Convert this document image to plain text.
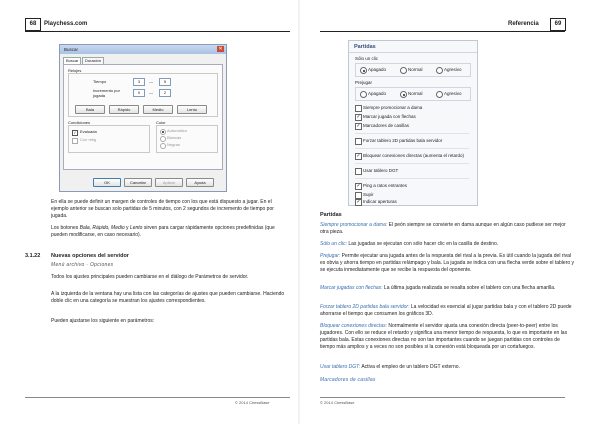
68	Playchess.com
Buscar	✕
Buscar	Duración
Relojes
Tiempo	3	—	5
Incremento por jugada
0	—	2
Bala	Rápido	Medio	Lento
Condiciones
✓ Evaluada
Con retig
Color
Automático
Blancas
Negras
OK	Cancelar	Aplicar	Ayuda
En ella se puede definir un margen de controles de tiempo con los que está dispuesto a jugar. En el ejemplo anterior se buscan solo partidas de 5 minutos, con 2 segundos de incremento de tiempo por jugada.
Los botones Bala, Rápido, Medio y Lento sirven para cargar rápidamente opciones predefinidas (que pueden modificarse, en caso necesario).
3.1.22 Nuevas opciones del servidor
Menú archivo · Opciones
Todos los ajustes principales pueden cambiarse en el diálogo de Parámetros de servidor.
A la izquierda de la ventana hay una lista con las categorías de ajustes que pueden cambiarse. Haciendo doble clic en una categoría se muestran los ajustes correspondientes.
Pueden ajustarse los siguiente en parámetros:
© 2014 ChessBase
Referencia	69
Partidas
Sólo un clic
Apagado	Normal	Agresivo
Prejugar
Apagado	Normal	Agresivo
Siempre promocionar a dama
✓ Marcar jugada con flechas
✓ Marcadores de casillas
Forzar tablero 2D partidas bala servidor
✓ Bloquear conexiones directas (aumenta el retardo)
Usar tablero DGT
✓ Ping a ratos entrantes
Supir
✓ Indicar aperturas
Partidas
Siempre promocionar a dama: El peón siempre se convierte en dama aunque en algún caso pudiese ser mejor otra pieza.
Sólo un clic: Las jugadas se ejecutan con sólo hacer clic en la casilla de destino.
Prejugar: Permite ejecutar una jugada antes de la respuesta del rival a la previa. Es útil cuando la jugada del rival es obvia y ahorra tiempo en partidas relámpago y bala. La jugada se indica con una flecha verde sobre el tablero y se ejecuta inmediatamente que se recibe la respuesta del oponente.
Marcar jugadas con flechas: La última jugada realizada se resalta sobre el tablero con una flecha amarilla.
Forzar tablero 2D partidas bala servidor: La velocidad es esencial al jugar partidas bala y con el tablero 2D puede ahorrarse el tiempo que consumen los gráficos 3D.
Bloquear conexiones directas: Normalmente el servidor ajusta una conexión directa (peer-to-peer) entre los jugadores. Con ello se reduce el retardo y significa una menor tiempo de respuesta, lo que es importante en las partidas bala. Estas conexiones directas no son tan importantes cuando se juegan partidas con controles de tiempo más amplios y a veces no son posibles si la conexión está bloqueada por un cortafuegos.
Usar tablero DGT: Activa el empleo de un tablero DGT externo.
Marcadores de casillas
© 2014 ChessBase
